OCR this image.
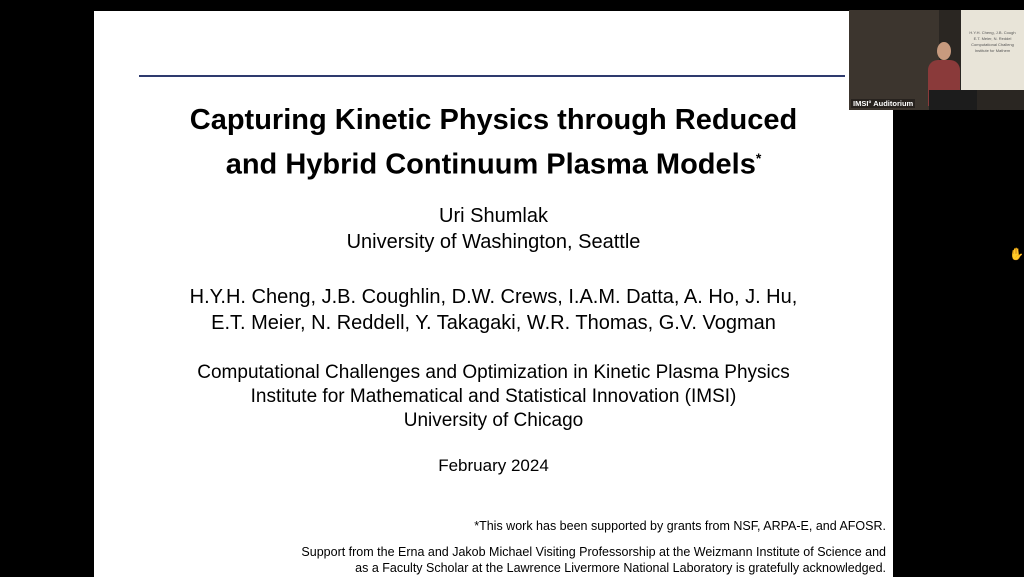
Capturing Kinetic Physics through Reduced
and Hybrid Continuum Plasma Models*
Uri Shumlak
University of Washington, Seattle
H.Y.H. Cheng, J.B. Coughlin, D.W. Crews, I.A.M. Datta, A. Ho, J. Hu,
E.T. Meier, N. Reddell, Y. Takagaki, W.R. Thomas, G.V. Vogman
Computational Challenges and Optimization in Kinetic Plasma Physics
Institute for Mathematical and Statistical Innovation (IMSI)
University of Chicago
February 2024
*This work has been supported by grants from NSF, ARPA-E, and AFOSR.
Support from the Erna and Jakob Michael Visiting Professorship at the Weizmann Institute of Science and
as a Faculty Scholar at the Lawrence Livermore National Laboratory is gratefully acknowledged.
H.Y.H. Cheng, J.B. Cough
E.T. Meier, N. Reddel
Computational Challeng
Institute for Mathem
IMSI° Auditorium
✋
